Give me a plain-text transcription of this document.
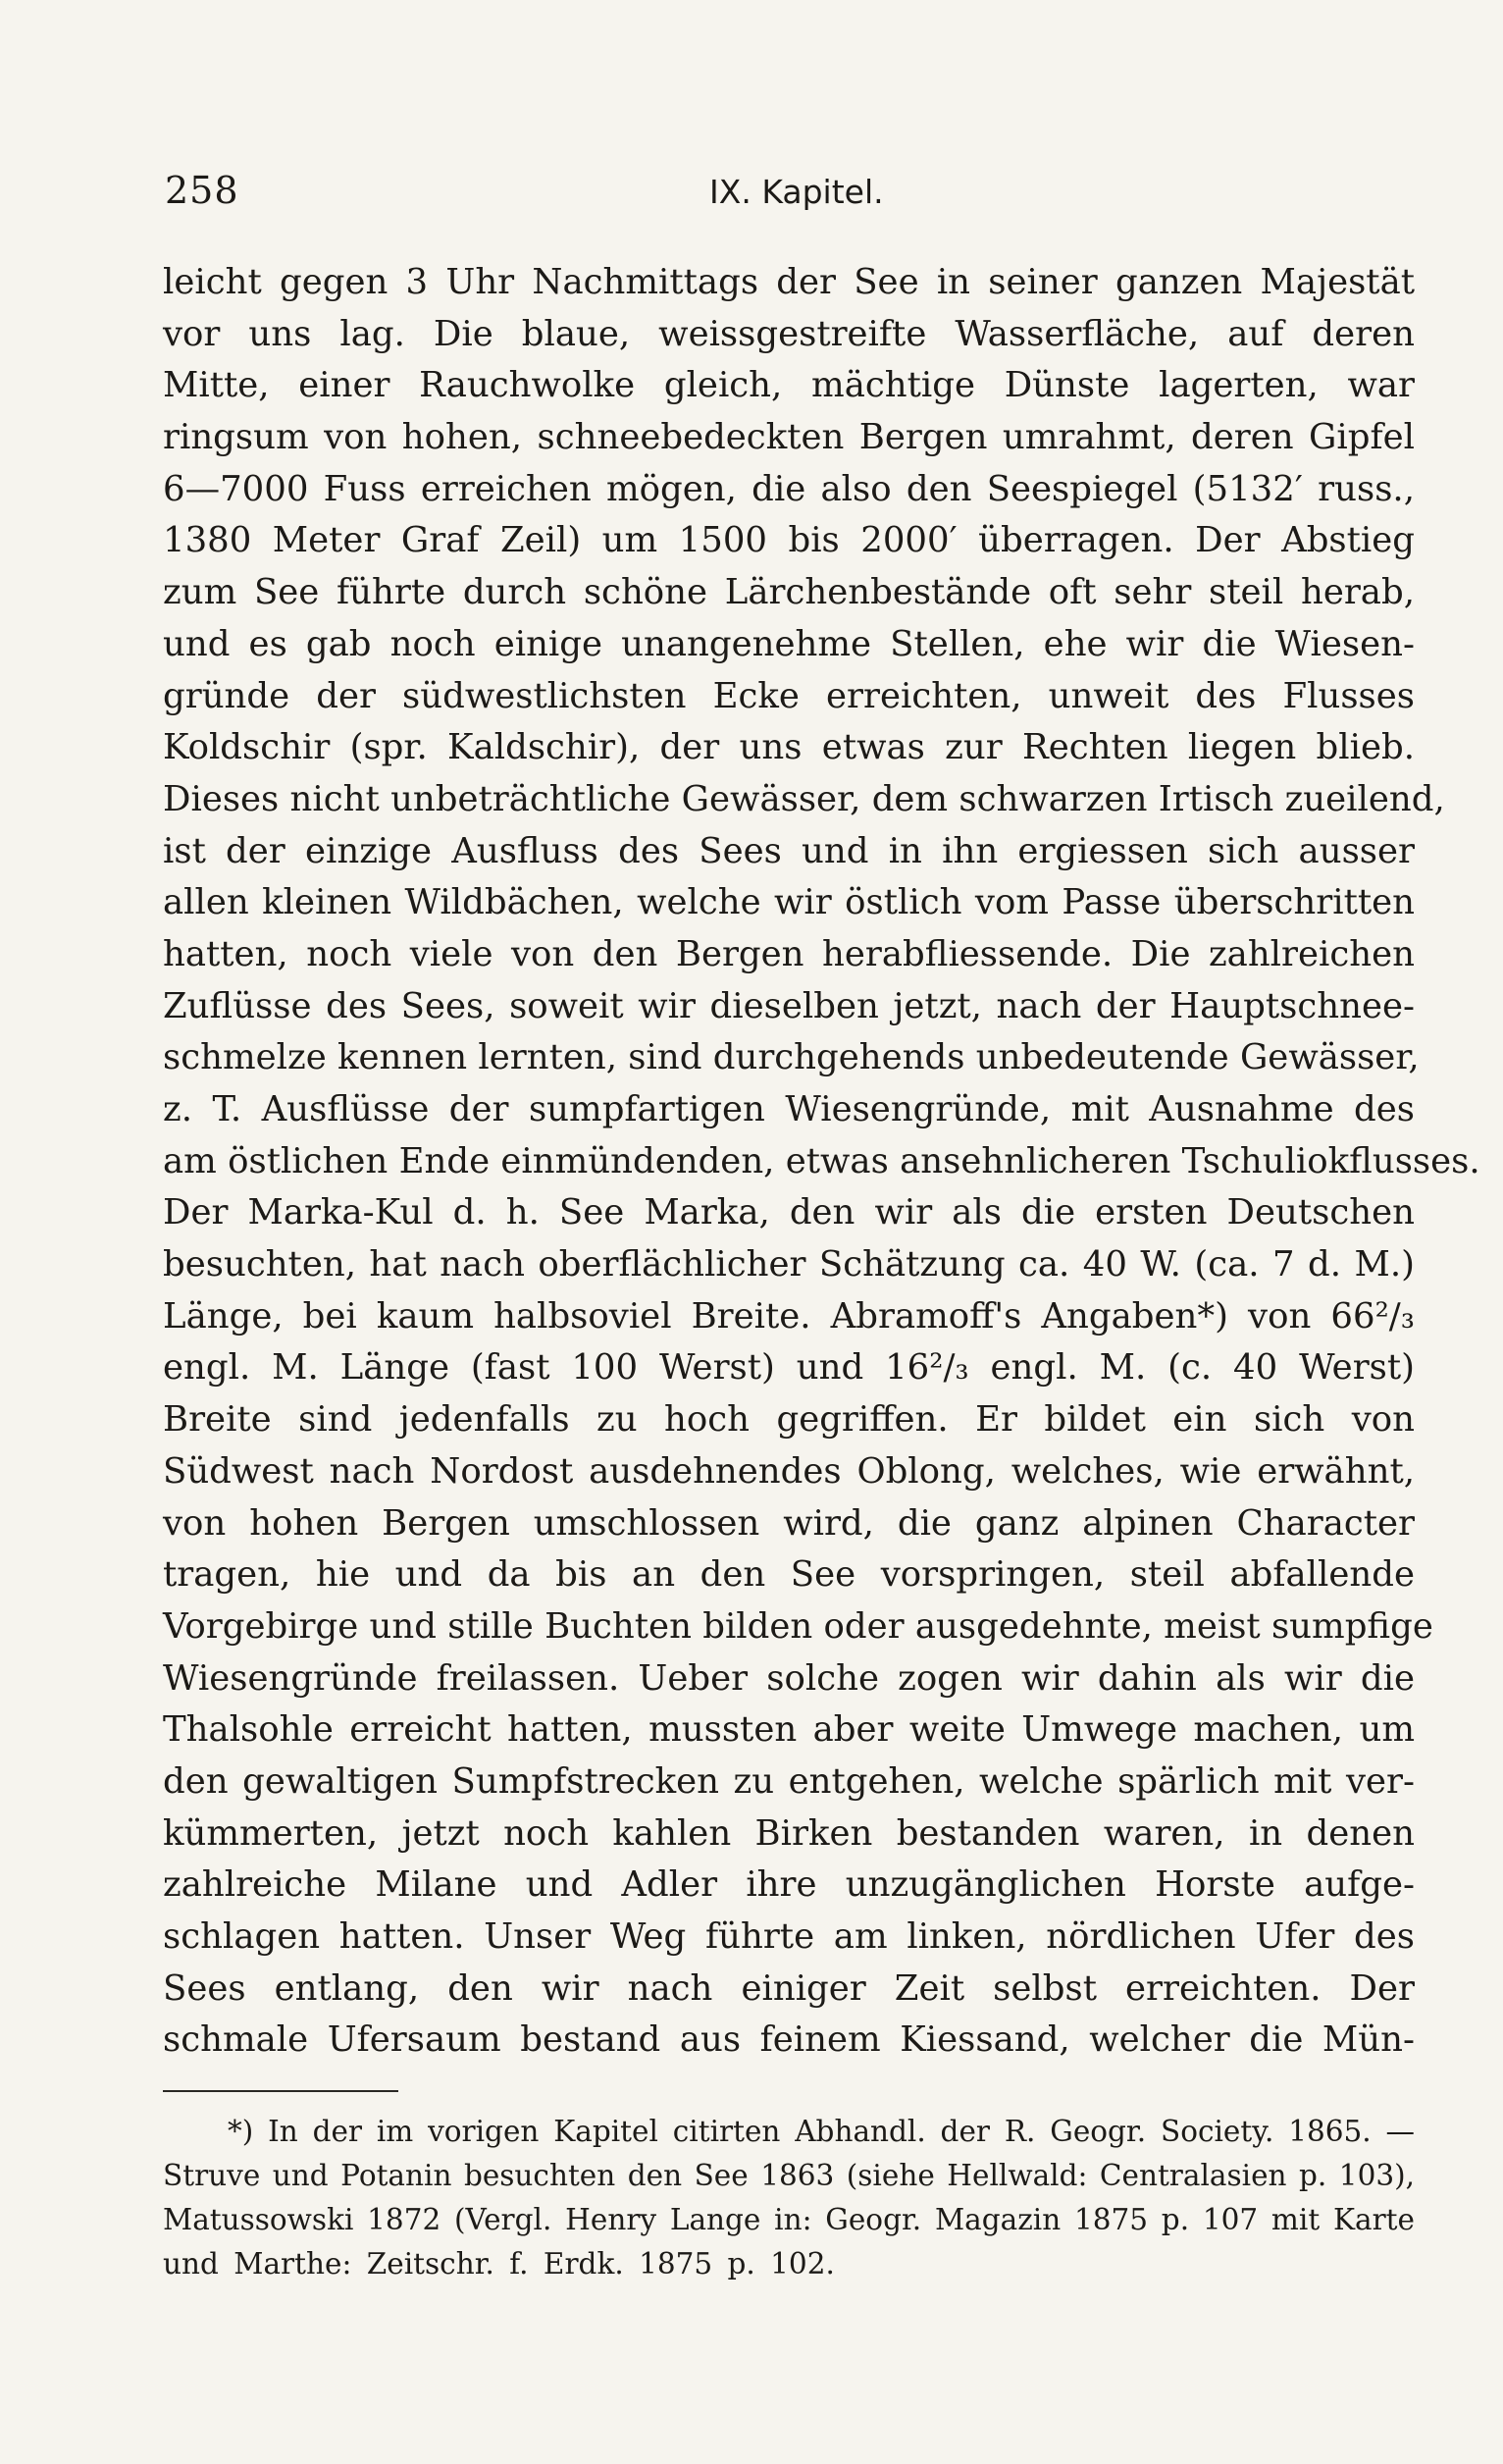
258	IX. Kapitel.
leicht gegen 3 Uhr Nachmittags der See in seiner ganzen Majestät
vor uns lag. Die blaue, weissgestreifte Wasserfläche, auf deren
Mitte, einer Rauchwolke gleich, mächtige Dünste lagerten, war
ringsum von hohen, schneebedeckten Bergen umrahmt, deren Gipfel
6—7000 Fuss erreichen mögen, die also den Seespiegel (5132′ russ.,
1380 Meter Graf Zeil) um 1500 bis 2000′ überragen. Der Abstieg
zum See führte durch schöne Lärchenbestände oft sehr steil herab,
und es gab noch einige unangenehme Stellen, ehe wir die Wiesen-
gründe der südwestlichsten Ecke erreichten, unweit des Flusses
Koldschir (spr. Kaldschir), der uns etwas zur Rechten liegen blieb.
Dieses nicht unbeträchtliche Gewässer, dem schwarzen Irtisch zueilend,
ist der einzige Ausfluss des Sees und in ihn ergiessen sich ausser
allen kleinen Wildbächen, welche wir östlich vom Passe überschritten
hatten, noch viele von den Bergen herabfliessende. Die zahlreichen
Zuflüsse des Sees, soweit wir dieselben jetzt, nach der Hauptschnee-
schmelze kennen lernten, sind durchgehends unbedeutende Gewässer,
z. T. Ausflüsse der sumpfartigen Wiesengründe, mit Ausnahme des
am östlichen Ende einmündenden, etwas ansehnlicheren Tschuliokflusses.
Der Marka-Kul d. h. See Marka, den wir als die ersten Deutschen
besuchten, hat nach oberflächlicher Schätzung ca. 40 W. (ca. 7 d. M.)
Länge, bei kaum halbsoviel Breite. Abramoff's Angaben*) von 66²/₃
engl. M. Länge (fast 100 Werst) und 16²/₃ engl. M. (c. 40 Werst)
Breite sind jedenfalls zu hoch gegriffen. Er bildet ein sich von
Südwest nach Nordost ausdehnendes Oblong, welches, wie erwähnt,
von hohen Bergen umschlossen wird, die ganz alpinen Character
tragen, hie und da bis an den See vorspringen, steil abfallende
Vorgebirge und stille Buchten bilden oder ausgedehnte, meist sumpfige
Wiesengründe freilassen. Ueber solche zogen wir dahin als wir die
Thalsohle erreicht hatten, mussten aber weite Umwege machen, um
den gewaltigen Sumpfstrecken zu entgehen, welche spärlich mit ver-
kümmerten, jetzt noch kahlen Birken bestanden waren, in denen
zahlreiche Milane und Adler ihre unzugänglichen Horste aufge-
schlagen hatten. Unser Weg führte am linken, nördlichen Ufer des
Sees entlang, den wir nach einiger Zeit selbst erreichten. Der
schmale Ufersaum bestand aus feinem Kiessand, welcher die Mün-
*) In der im vorigen Kapitel citirten Abhandl. der R. Geogr. Society. 1865. —
Struve und Potanin besuchten den See 1863 (siehe Hellwald: Centralasien p. 103),
Matussowski 1872 (Vergl. Henry Lange in: Geogr. Magazin 1875 p. 107 mit Karte
und Marthe: Zeitschr. f. Erdk. 1875 p. 102.
